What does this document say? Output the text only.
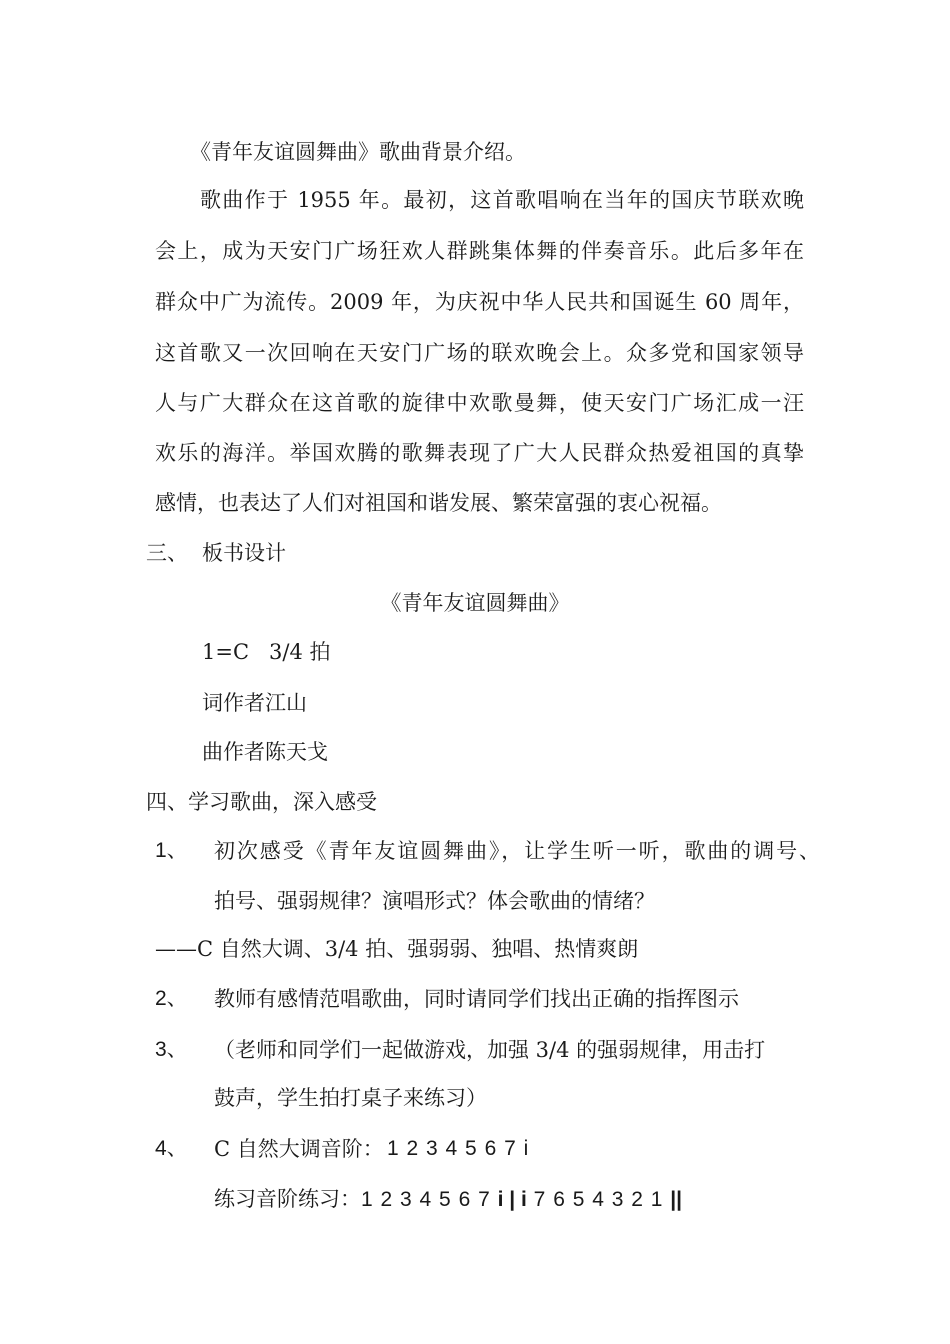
《青年友谊圆舞曲》歌曲背景介绍。
歌曲作于 1955 年。最初，这首歌唱响在当年的国庆节联欢晚
会上，成为天安门广场狂欢人群跳集体舞的伴奏音乐。此后多年在
群众中广为流传。2009 年，为庆祝中华人民共和国诞生 60 周年，
这首歌又一次回响在天安门广场的联欢晚会上。众多党和国家领导
人与广大群众在这首歌的旋律中欢歌曼舞，使天安门广场汇成一汪
欢乐的海洋。举国欢腾的歌舞表现了广大人民群众热爱祖国的真挚
感情，也表达了人们对祖国和谐发展、繁荣富强的衷心祝福。
三、 板书设计
《青年友谊圆舞曲》
1=C   3/4 拍
词作者江山
曲作者陈天戈
四、学习歌曲，深入感受
1、 初次感受《青年友谊圆舞曲》，让学生听一听，歌曲的调号、
拍号、强弱规律？演唱形式？体会歌曲的情绪？
——C 自然大调、3/4 拍、强弱弱、独唱、热情爽朗
2、 教师有感情范唱歌曲，同时请同学们找出正确的指挥图示
3、 （老师和同学们一起做游戏，加强 3/4 的强弱规律，用击打
鼓声，学生拍打桌子来练习）
4、 C 自然大调音阶： 1 2 3 4 5 6 7 i
练习音阶练习：1 2 3 4 5 6 7 i | i 7 6 5 4 3 2 1 ||
